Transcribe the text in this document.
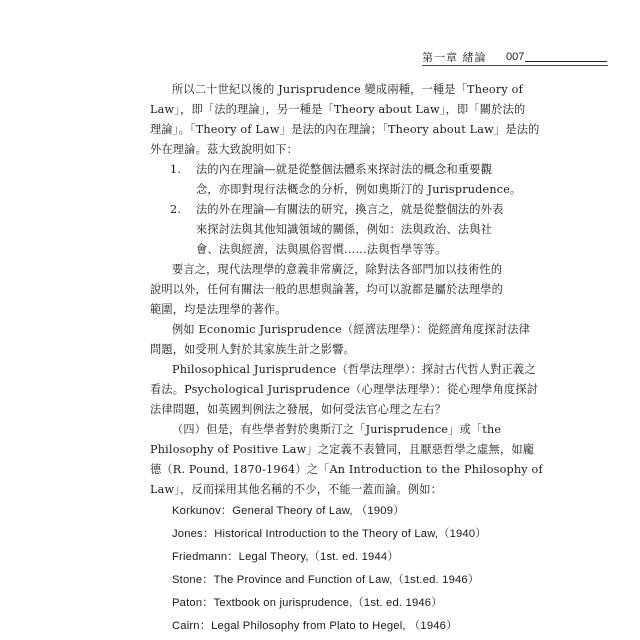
第一章 緒論 007
所以二十世紀以後的 Jurisprudence 變成兩種，一種是「Theory of
Law」，即「法的理論」，另一種是「Theory about Law」，即「關於法的
理論」。「Theory of Law」是法的內在理論；「Theory about Law」是法的
外在理論。茲大致說明如下：
1. 法的內在理論—就是從整個法體系來探討法的概念和重要觀
念，亦即對現行法概念的分析，例如奧斯汀的 Jurisprudence。
2. 法的外在理論—有關法的研究，換言之，就是從整個法的外表
來探討法與其他知識領域的關係，例如：法與政治、法與社
會、法與經濟，法與風俗習慣……法與哲學等等。
要言之，現代法理學的意義非常廣泛，除對法各部門加以技術性的
說明以外，任何有關法一般的思想與論著，均可以說都是屬於法理學的
範圍，均是法理學的著作。
例如 Economic Jurisprudence（經濟法理學）：從經濟角度探討法律
問題，如受刑人對於其家族生計之影響。
Philosophical Jurisprudence（哲學法理學）：探討古代哲人對正義之
看法。Psychological Jurisprudence（心理學法理學）：從心理學角度探討
法律問題，如英國判例法之發展，如何受法官心理之左右？
（四）但是，有些學者對於奧斯汀之「Jurisprudence」或「the
Philosophy of Positive Law」之定義不表贊同，且厭惡哲學之虛無，如龐
德（R. Pound, 1870-1964）之「An Introduction to the Philosophy of
Law」，反而採用其他名稱的不少，不能一蓋而論。例如：
Korkunov：General Theory of Law, （1909）
Jones：Historical Introduction to the Theory of Law,（1940）
Friedmann：Legal Theory,（1st. ed. 1944）
Stone：The Province and Function of Law,（1st.ed. 1946）
Paton：Textbook on jurisprudence,（1st. ed. 1946）
Cairn：Legal Philosophy from Plato to Hegel, （1946）
